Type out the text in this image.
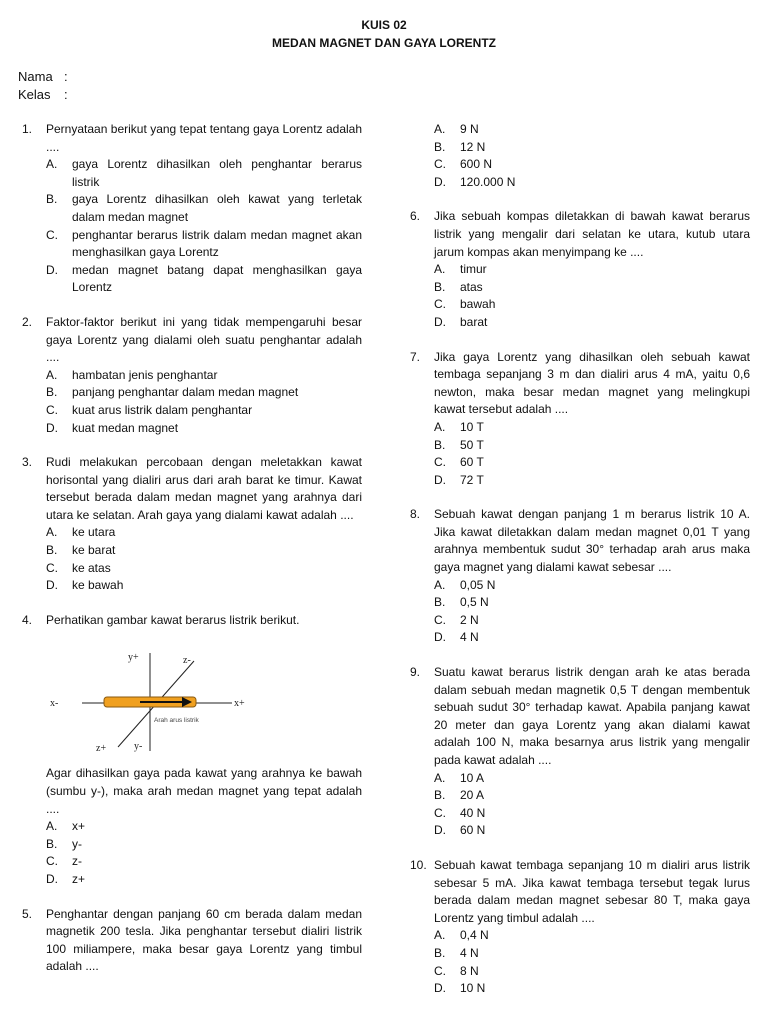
KUIS 02
MEDAN MAGNET DAN GAYA LORENTZ
Nama :
Kelas :
1. Pernyataan berikut yang tepat tentang gaya Lorentz adalah ....
A.	gaya Lorentz dihasilkan oleh penghantar berarus listrik
B.	gaya Lorentz dihasilkan oleh kawat yang terletak dalam medan magnet
C.	penghantar berarus listrik dalam medan magnet akan menghasilkan gaya Lorentz
D.	medan magnet batang dapat menghasilkan gaya Lorentz
2. Faktor-faktor berikut ini yang tidak mempengaruhi besar gaya Lorentz yang dialami oleh suatu penghantar adalah ....
A.	hambatan jenis penghantar
B.	panjang penghantar dalam medan magnet
C.	kuat arus listrik dalam penghantar
D.	kuat medan magnet
3. Rudi melakukan percobaan dengan meletakkan kawat horisontal yang dialiri arus dari arah barat ke timur. Kawat tersebut berada dalam medan magnet yang arahnya dari utara ke selatan. Arah gaya yang dialami kawat adalah ....
A.	ke utara
B.	ke barat
C.	ke atas
D.	ke bawah
4. Perhatikan gambar kawat berarus listrik berikut.
y+	z-
x-	x+
Arah arus listrik
z+	y-
Agar dihasilkan gaya pada kawat yang arahnya ke bawah (sumbu y-), maka arah medan magnet yang tepat adalah ....
A.	x+
B.	y-
C.	z-
D.	z+
5. Penghantar dengan panjang 60 cm berada dalam medan magnetik 200 tesla. Jika penghantar tersebut dialiri listrik 100 miliampere, maka besar gaya Lorentz yang timbul adalah ....
A.	9 N
B.	12 N
C.	600 N
D.	120.000 N
6. Jika sebuah kompas diletakkan di bawah kawat berarus listrik yang mengalir dari selatan ke utara, kutub utara jarum kompas akan menyimpang ke ....
A.	timur
B.	atas
C.	bawah
D.	barat
7. Jika gaya Lorentz yang dihasilkan oleh sebuah kawat tembaga sepanjang 3 m dan dialiri arus 4 mA, yaitu 0,6 newton, maka besar medan magnet yang melingkupi kawat tersebut adalah ....
A.	10 T
B.	50 T
C.	60 T
D.	72 T
8. Sebuah kawat dengan panjang 1 m berarus listrik 10 A. Jika kawat diletakkan dalam medan magnet 0,01 T yang arahnya membentuk sudut 30° terhadap arah arus maka gaya magnet yang dialami kawat sebesar ....
A.	0,05 N
B.	0,5 N
C.	2 N
D.	4 N
9. Suatu kawat berarus listrik dengan arah ke atas berada dalam sebuah medan magnetik 0,5 T dengan membentuk sebuah sudut 30° terhadap kawat. Apabila panjang kawat 20 meter dan gaya Lorentz yang akan dialami kawat adalah 100 N, maka besarnya arus listrik yang mengalir pada kawat adalah ....
A.	10 A
B.	20 A
C.	40 N
D.	60 N
10. Sebuah kawat tembaga sepanjang 10 m dialiri arus listrik sebesar 5 mA. Jika kawat tembaga tersebut tegak lurus berada dalam medan magnet sebesar 80 T, maka gaya Lorentz yang timbul adalah ....
A.	0,4 N
B.	4 N
C.	8 N
D.	10 N
